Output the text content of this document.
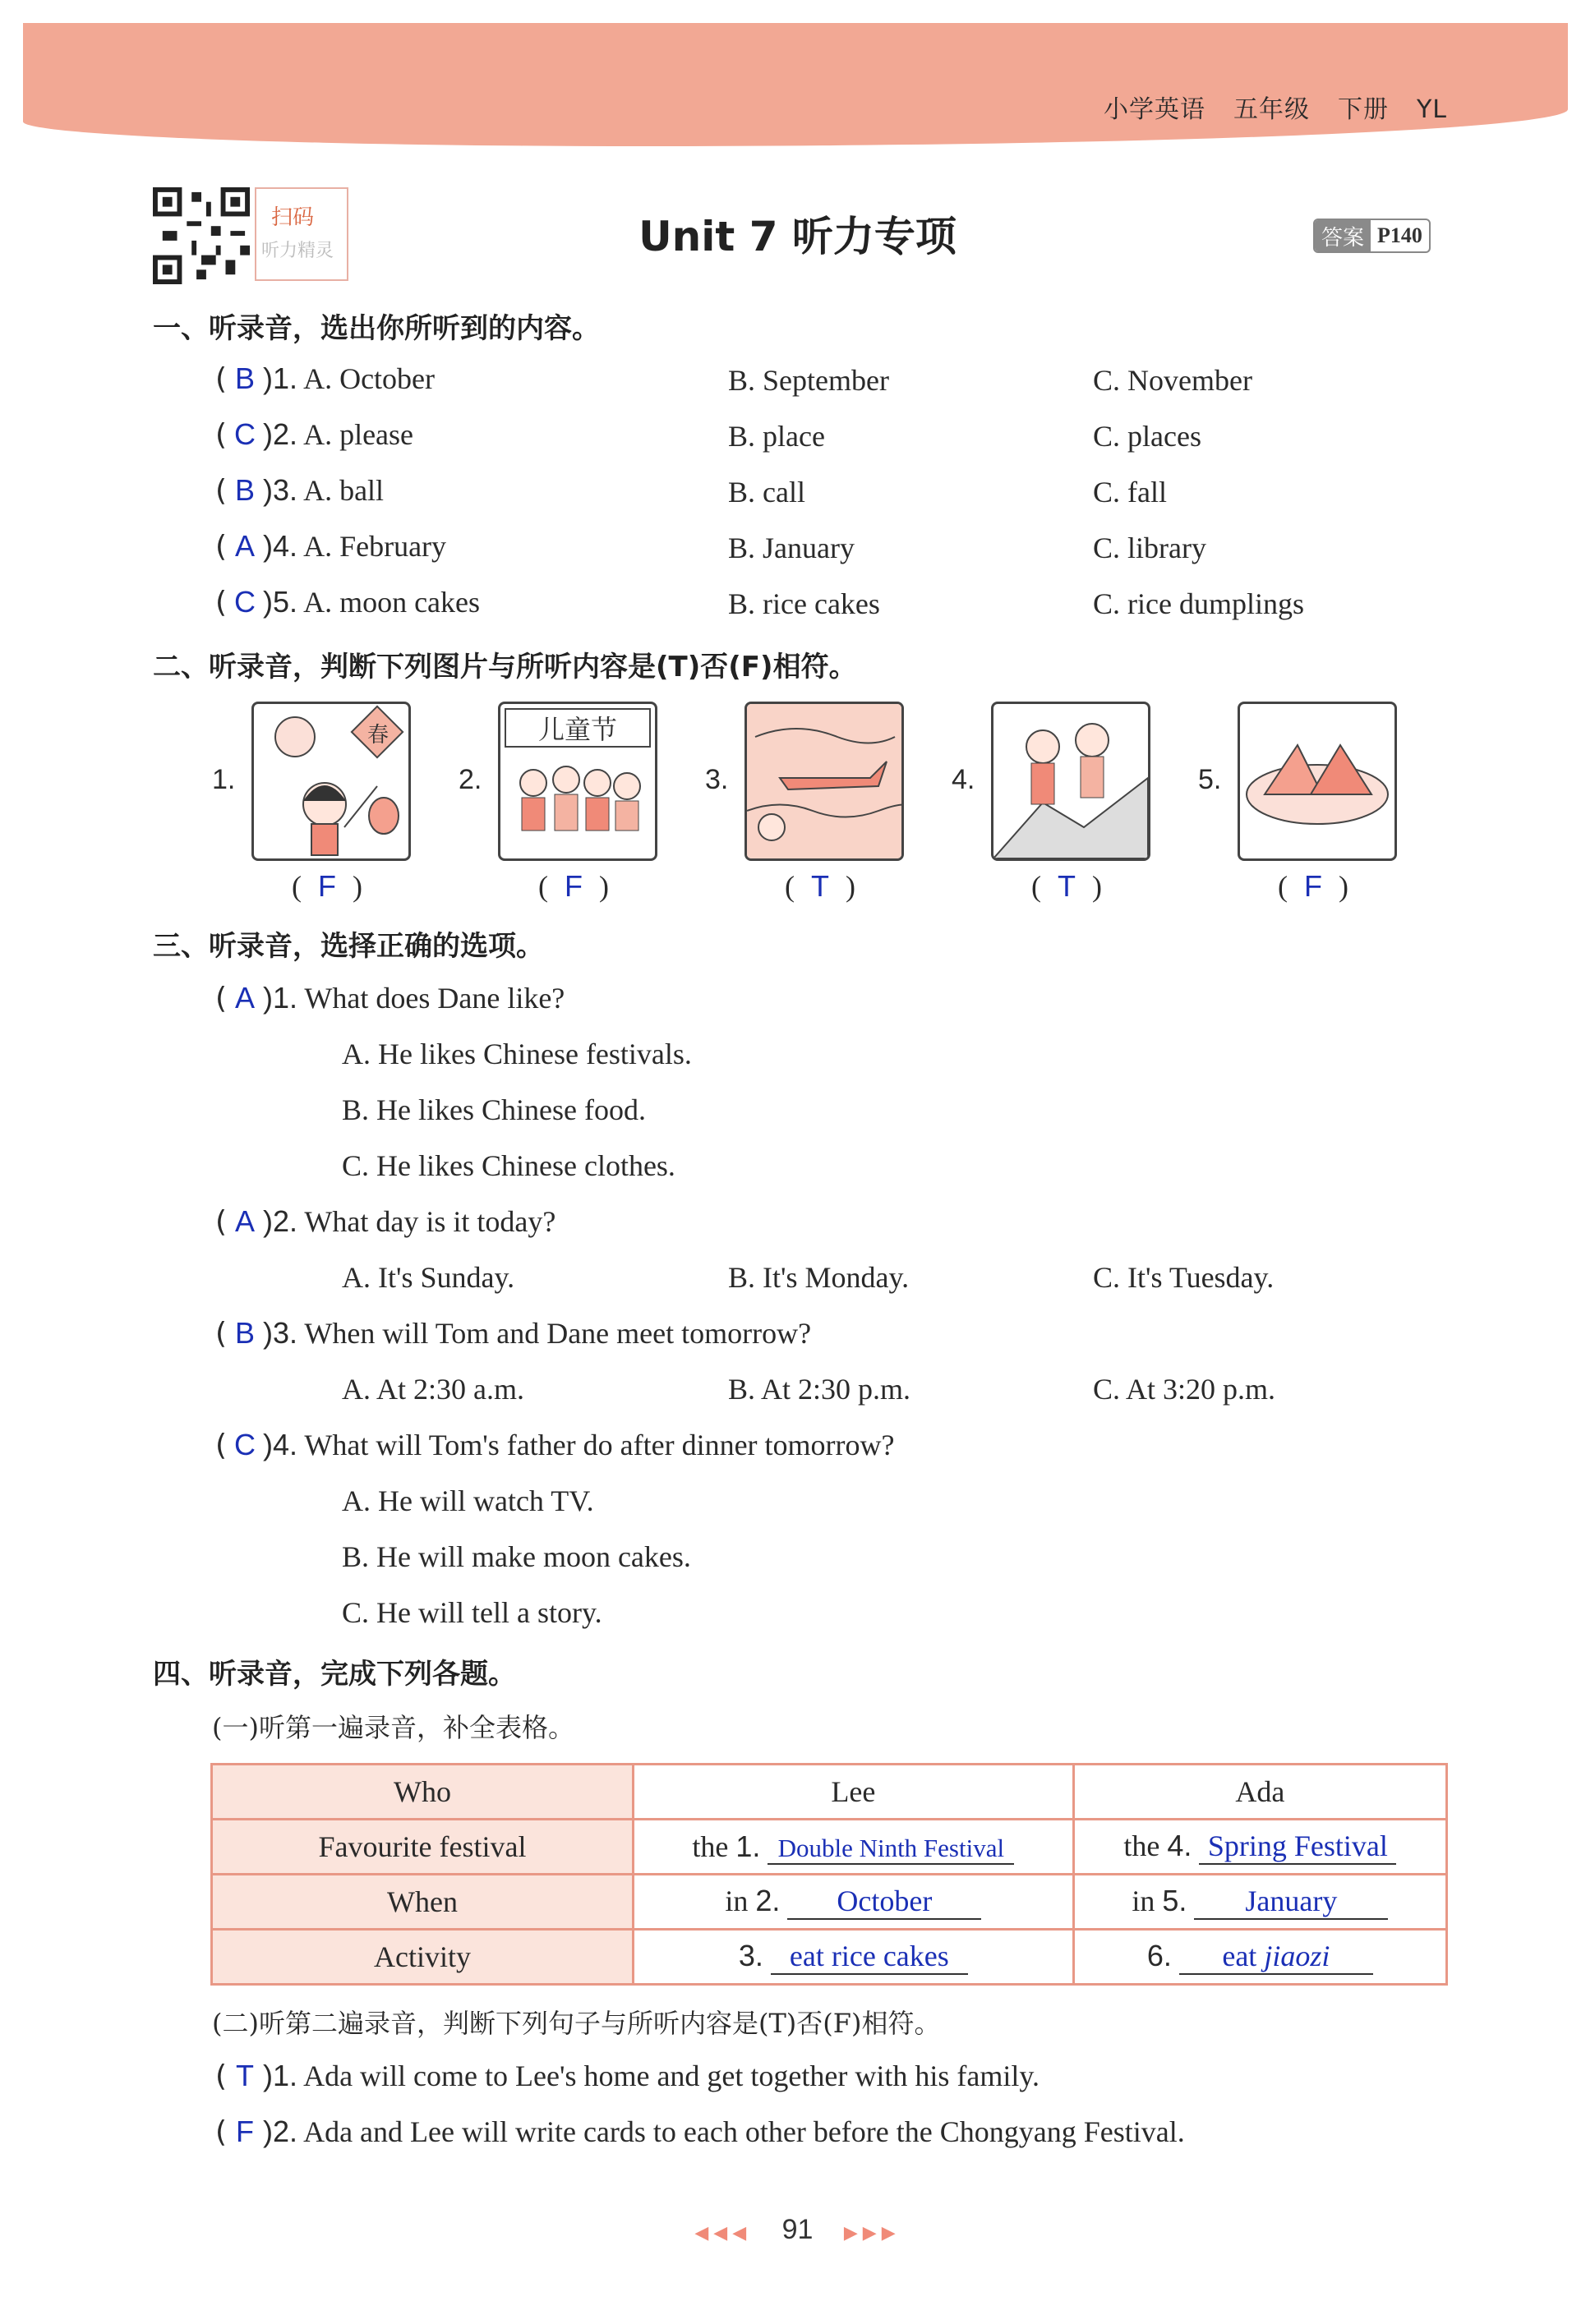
小学英语 五年级 下册 YL
扫码
听力精灵	Unit 7 听力专项	答案 P140
一、听录音，选出你所听到的内容。
( B )1. A. October	B. September	C. November
( C )2. A. please	B. place	C. places
( B )3. A. ball	B. call	C. fall
( A )4. A. February	B. January	C. library
( C )5. A. moon cakes	B. rice cakes	C. rice dumplings
二、听录音，判断下列图片与所听内容是(T)否(F)相符。
1.
春
( F )
2.
儿童节
( F )
3.
( T )
4.
( T )
5.
( F )
三、听录音，选择正确的选项。
( A )1. What does Dane like?
A. He likes Chinese festivals.
B. He likes Chinese food.
C. He likes Chinese clothes.
( A )2. What day is it today?
A. It's Sunday.	B. It's Monday.	C. It's Tuesday.
( B )3. When will Tom and Dane meet tomorrow?
A. At 2:30 a.m.	B. At 2:30 p.m.	C. At 3:20 p.m.
( C )4. What will Tom's father do after dinner tomorrow?
A. He will watch TV.
B. He will make moon cakes.
C. He will tell a story.
四、听录音，完成下列各题。
(一)听第一遍录音，补全表格。
Who	Lee	Ada
Favourite festival	the 1. Double Ninth Festival	the 4. Spring Festival
When	in 2. October	in 5. January
Activity	3. eat rice cakes	6. eat jiaozi
(二)听第二遍录音，判断下列句子与所听内容是(T)否(F)相符。
( T )1. Ada will come to Lee's home and get together with his family.
( F )2. Ada and Lee will write cards to each other before the Chongyang Festival.
◀◀◀ 91 ▶▶▶
